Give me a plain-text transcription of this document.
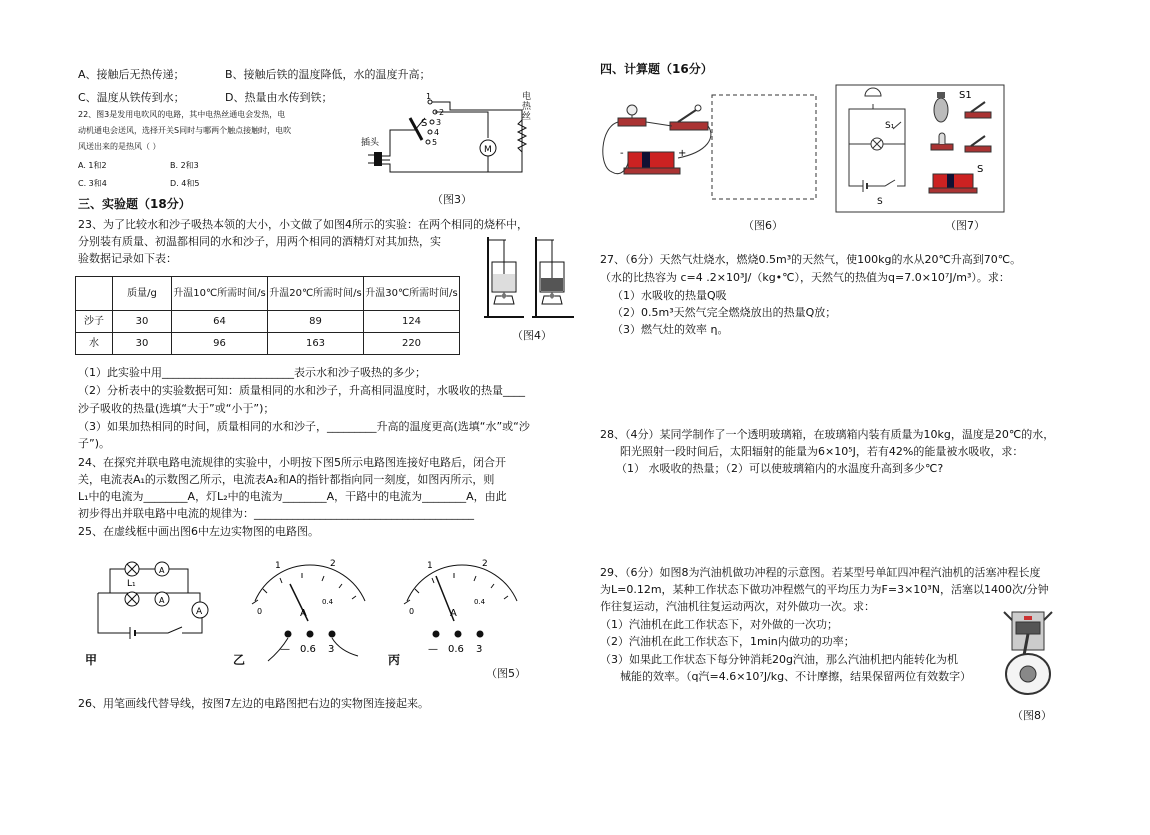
A、接触后无热传递；	B、接触后铁的温度降低，水的温度升高；
C、温度从铁传到水；	D、热量由水传到铁；
22、图3是发用电吹风的电路，其中电热丝通电会发热，电
动机通电会送风，选择开关S同时与哪两个触点接触时，电吹
风送出来的是热风（ ）
A. 1和2	B. 2和3
C. 3和4	D. 4和5
插头
S
M
1
2
3
4
5
电热丝
（图3）
三、实验题（18分）
23、为了比较水和沙子吸热本领的大小，小文做了如图4所示的实验：在两个相同的烧杯中，
分别装有质量、初温都相同的水和沙子，用两个相同的酒精灯对其加热，实
验数据记录如下表：
（图4）
	质量/g	升温10℃所需时间/s	升温20℃所需时间/s	升温30℃所需时间/s
沙子	30	64	89	124
水	30	96	163	220
（1）此实验中用________________________表示水和沙子吸热的多少；
（2）分析表中的实验数据可知：质量相同的水和沙子，升高相同温度时，水吸收的热量____
沙子吸收的热量(选填“大于”或“小于”)；
（3）如果加热相同的时间，质量相同的水和沙子，_________升高的温度更高(选填“水”或“沙
子”)。
24、在探究并联电路电流规律的实验中，小明按下图5所示电路图连接好电路后，闭合开
关，电流表A₁的示数图乙所示，电流表A₂和A的指针都指向同一刻度，如图丙所示，则
L₁中的电流为________A，灯L₂中的电流为________A，干路中的电流为________A，由此
初步得出并联电路中电流的规律为：________________________________________
25、在虚线框中画出图6中左边实物图的电路图。
A
A
A
L₁
甲
1	2
0
0.4
A
— 0.6 3
乙
1	2
0
0.4
A
— 0.6 3
丙
（图5）
26、用笔画线代替导线，按图7左边的电路图把右边的实物图连接起来。
四、计算题（16分）
-	+
（图6）
S1
S
S₁
S
（图7）
27、（6分）天然气灶烧水，燃烧0.5m³的天然气，使100kg的水从20℃升高到70℃。
（水的比热容为 c=4 .2×10³J/（kg•℃），天然气的热值为q=7.0×10⁷J/m³）。求：
（1）水吸收的热量Q吸
（2）0.5m³天然气完全燃烧放出的热量Q放；
（3）燃气灶的效率 η。
28、（4分）某同学制作了一个透明玻璃箱，在玻璃箱内装有质量为10kg，温度是20℃的水，
阳光照射一段时间后，太阳辐射的能量为6×10⁵J，若有42%的能量被水吸收，求：
（1） 水吸收的热量；（2）可以使玻璃箱内的水温度升高到多少℃?
29、（6分）如图8为汽油机做功冲程的示意图。若某型号单缸四冲程汽油机的活塞冲程长度
为L=0.12m，某种工作状态下做功冲程燃气的平均压力为F=3×10³N，活塞以1400次/分钟
作往复运动，汽油机往复运动两次，对外做功一次。求：
（1）汽油机在此工作状态下，对外做的一次功；
（2）汽油机在此工作状态下，1min内做功的功率；
（3）如果此工作状态下每分钟消耗20g汽油，那么汽油机把内能转化为机
械能的效率。（q汽=4.6×10⁷J/kg、不计摩擦，结果保留两位有效数字）
（图8）
